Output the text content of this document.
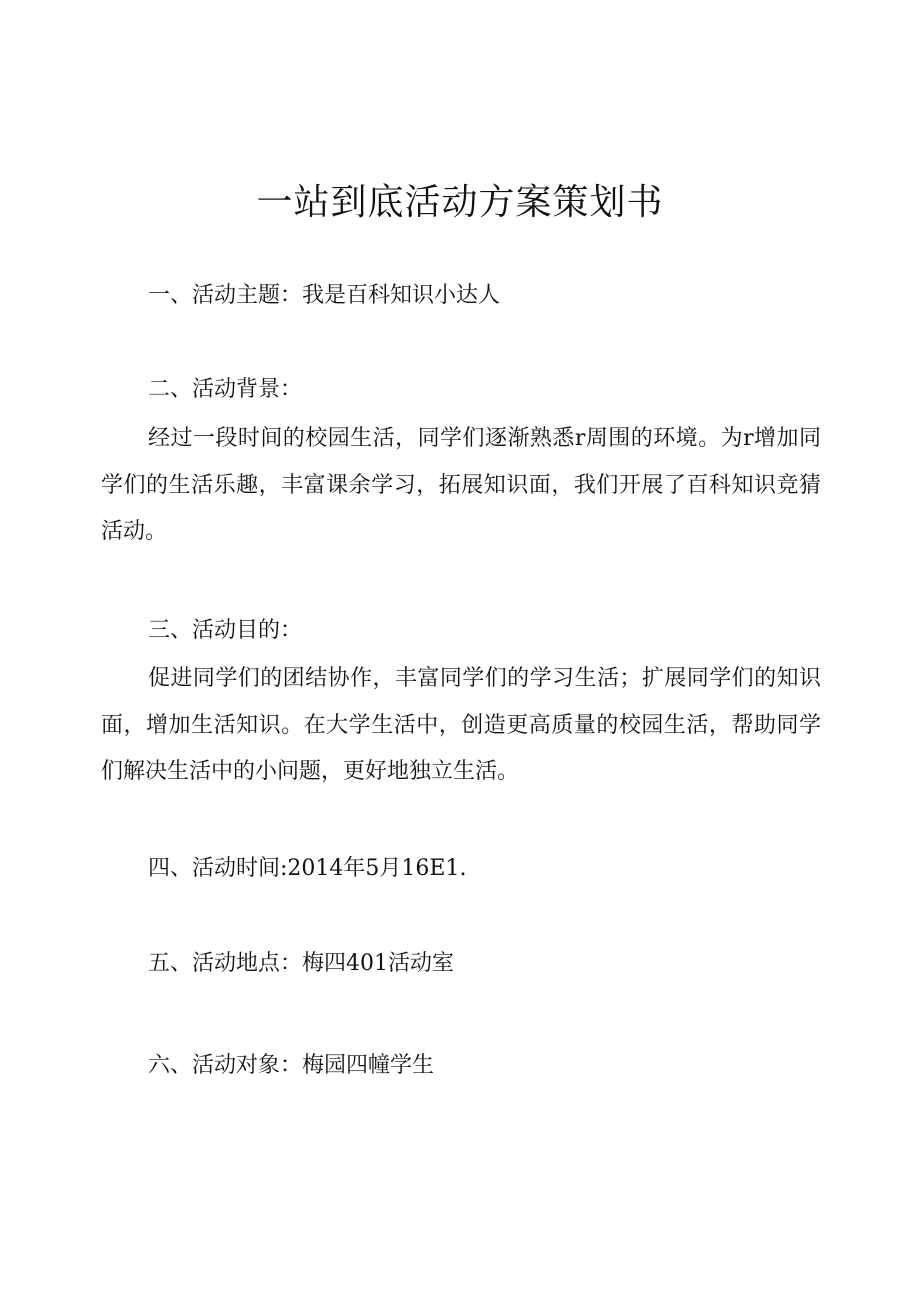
一站到底活动方案策划书

一、活动主题：我是百科知识小达人

二、活动背景：

经过一段时间的校园生活，同学们逐渐熟悉r周围的环境。为r增加同学们的生活乐趣，丰富课余学习，拓展知识面，我们开展了百科知识竞猜活动。

三、活动目的：

促进同学们的团结协作，丰富同学们的学习生活；扩展同学们的知识面，增加生活知识。在大学生活中，创造更高质量的校园生活，帮助同学们解决生活中的小问题，更好地独立生活。

四、活动时间:2014年5月16E1.

五、活动地点：梅四401活动室

六、活动对象：梅园四幢学生
